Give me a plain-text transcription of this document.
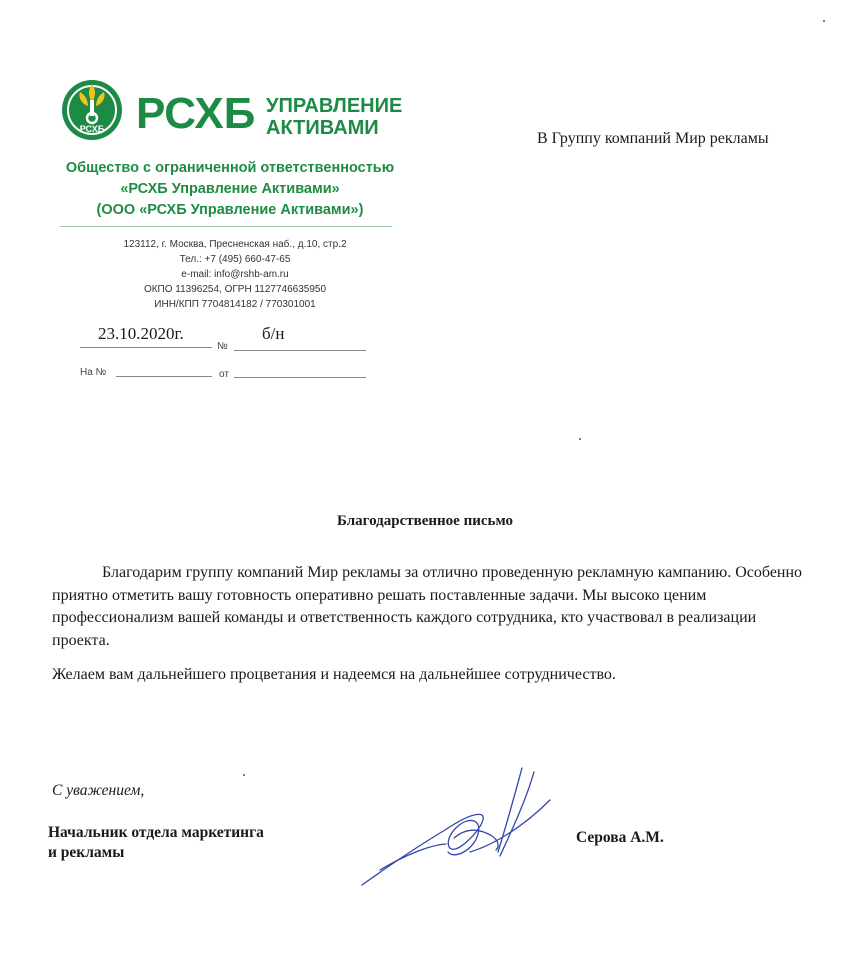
РСХБ РСХБ УПРАВЛЕНИЕ
АКТИВАМИ
Общество с ограниченной ответственностью
«РСХБ Управление Активами»
(ООО «РСХБ Управление Активами»)
123112, г. Москва, Пресненская наб., д.10, стр.2
Тел.: +7 (495) 660-47-65
e-mail: info@rshb-am.ru
ОКПО 11396254, ОГРН 1127746635950
ИНН/КПП 7704814182 / 770301001
23.10.2020г.
№
б/н
На №	от
В Группу компаний Мир рекламы
Благодарственное письмо

Благодарим группу компаний Мир рекламы за отлично проведенную рекламную кампанию. Особенно приятно отметить вашу готовность оперативно решать поставленные задачи. Мы высоко ценим профессионализм вашей команды и ответственность каждого сотрудника, кто участвовал в реализации проекта.

Желаем вам дальнейшего процветания и надеемся на дальнейшее сотрудничество.

С уважением,
Начальник отдела маркетинга
и рекламы
Серова А.М.
